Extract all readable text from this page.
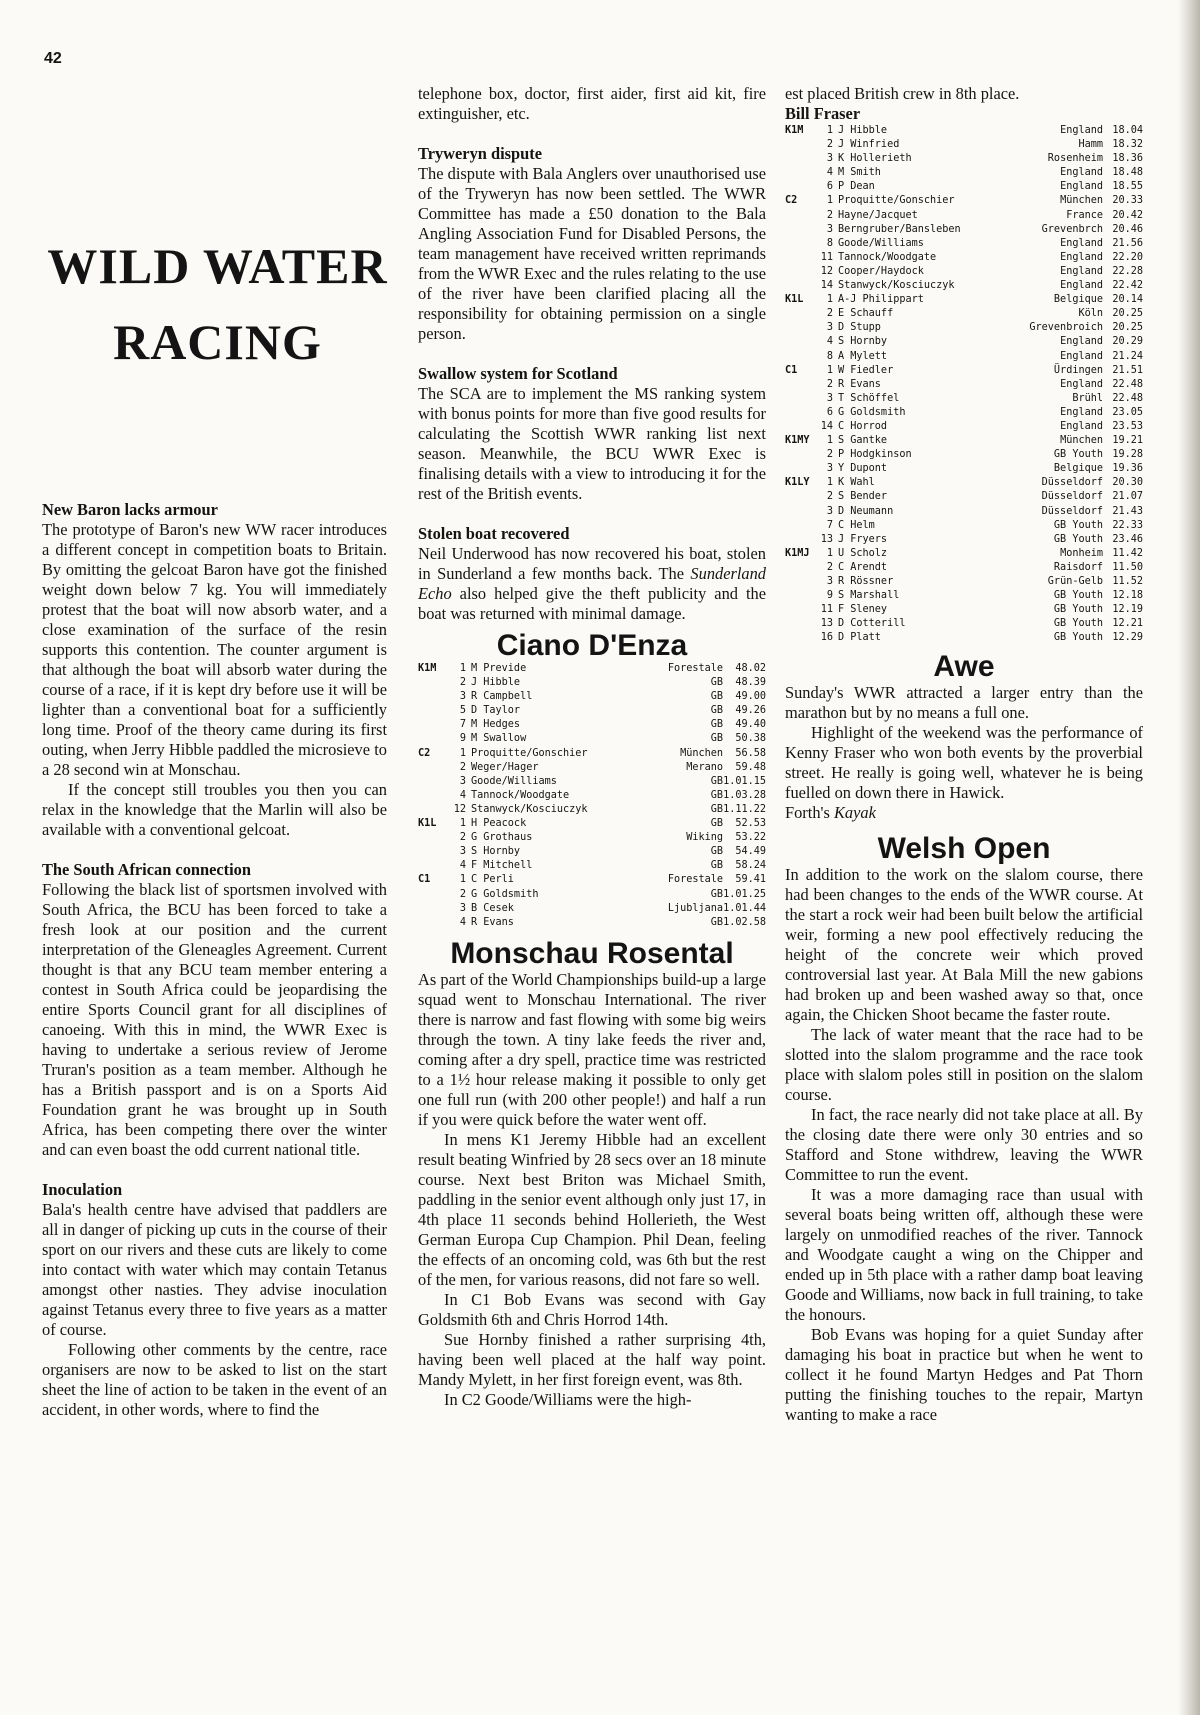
42
WILD WATER
RACING
New Baron lacks armour

The prototype of Baron's new WW racer introduces a different concept in competition boats to Britain. By omitting the gelcoat Baron have got the finished weight down below 7 kg. You will immediately protest that the boat will now absorb water, and a close examination of the surface of the resin supports this contention. The counter argument is that although the boat will absorb water during the course of a race, if it is kept dry before use it will be lighter than a conventional boat for a sufficiently long time. Proof of the theory came during its first outing, when Jerry Hibble paddled the microsieve to a 28 second win at Monschau.

If the concept still troubles you then you can relax in the knowledge that the Marlin will also be available with a conventional gelcoat.

The South African connection

Following the black list of sportsmen involved with South Africa, the BCU has been forced to take a fresh look at our position and the current interpretation of the Gleneagles Agreement. Current thought is that any BCU team member entering a contest in South Africa could be jeopardising the entire Sports Council grant for all disciplines of canoeing. With this in mind, the WWR Exec is having to undertake a serious review of Jerome Truran's position as a team member. Although he has a British passport and is on a Sports Aid Foundation grant he was brought up in South Africa, has been competing there over the winter and can even boast the odd current national title.

Inoculation

Bala's health centre have advised that paddlers are all in danger of picking up cuts in the course of their sport on our rivers and these cuts are likely to come into contact with water which may contain Tetanus amongst other nasties. They advise inoculation against Tetanus every three to five years as a matter of course.

Following other comments by the centre, race organisers are now to be asked to list on the start sheet the line of action to be taken in the event of an accident, in other words, where to find the

telephone box, doctor, first aider, first aid kit, fire extinguisher, etc.

Tryweryn dispute

The dispute with Bala Anglers over unauthorised use of the Tryweryn has now been settled. The WWR Committee has made a £50 donation to the Bala Angling Association Fund for Disabled Persons, the team management have received written reprimands from the WWR Exec and the rules relating to the use of the river have been clarified placing all the responsibility for obtaining permission on a single person.

Swallow system for Scotland

The SCA are to implement the MS ranking system with bonus points for more than five good results for calculating the Scottish WWR ranking list next season. Meanwhile, the BCU WWR Exec is finalising details with a view to introducing it for the rest of the British events.

Stolen boat recovered

Neil Underwood has now recovered his boat, stolen in Sunderland a few months back. The Sunderland Echo also helped give the theft publicity and the boat was returned with minimal damage.

Ciano D'Enza
K1M	1	M Previde	Forestale	48.02
	2	J Hibble	GB	48.39
	3	R Campbell	GB	49.00
	5	D Taylor	GB	49.26
	7	M Hedges	GB	49.40
	9	M Swallow	GB	50.38
C2	1	Proquitte/Gonschier	München	56.58
	2	Weger/Hager	Merano	59.48
	3	Goode/Williams	GB	1.01.15
	4	Tannock/Woodgate	GB	1.03.28
	12	Stanwyck/Kosciuczyk	GB	1.11.22
K1L	1	H Peacock	GB	52.53
	2	G Grothaus	Wiking	53.22
	3	S Hornby	GB	54.49
	4	F Mitchell	GB	58.24
C1	1	C Perli	Forestale	59.41
	2	G Goldsmith	GB	1.01.25
	3	B Cesek	Ljubljana	1.01.44
	4	R Evans	GB	1.02.58
Monschau Rosental

As part of the World Championships build-up a large squad went to Monschau International. The river there is narrow and fast flowing with some big weirs through the town. A tiny lake feeds the river and, coming after a dry spell, practice time was restricted to a 1½ hour release making it possible to only get one full run (with 200 other people!) and half a run if you were quick before the water went off.

In mens K1 Jeremy Hibble had an excellent result beating Winfried by 28 secs over an 18 minute course. Next best Briton was Michael Smith, paddling in the senior event although only just 17, in 4th place 11 seconds behind Hollerieth, the West German Europa Cup Champion. Phil Dean, feeling the effects of an oncoming cold, was 6th but the rest of the men, for various reasons, did not fare so well.

In C1 Bob Evans was second with Gay Goldsmith 6th and Chris Horrod 14th.

Sue Hornby finished a rather surprising 4th, having been well placed at the half way point. Mandy Mylett, in her first foreign event, was 8th.

In C2 Goode/Williams were the high-

est placed British crew in 8th place.

Bill Fraser
K1M	1	J Hibble	England	18.04
	2	J Winfried	Hamm	18.32
	3	K Hollerieth	Rosenheim	18.36
	4	M Smith	England	18.48
	6	P Dean	England	18.55
C2	1	Proquitte/Gonschier	München	20.33
	2	Hayne/Jacquet	France	20.42
	3	Berngruber/Bansleben	Grevenbrch	20.46
	8	Goode/Williams	England	21.56
	11	Tannock/Woodgate	England	22.20
	12	Cooper/Haydock	England	22.28
	14	Stanwyck/Kosciuczyk	England	22.42
K1L	1	A-J Philippart	Belgique	20.14
	2	E Schauff	Köln	20.25
	3	D Stupp	Grevenbroich	20.25
	4	S Hornby	England	20.29
	8	A Mylett	England	21.24
C1	1	W Fiedler	Ürdingen	21.51
	2	R Evans	England	22.48
	3	T Schöffel	Brühl	22.48
	6	G Goldsmith	England	23.05
	14	C Horrod	England	23.53
K1MY	1	S Gantke	München	19.21
	2	P Hodgkinson	GB Youth	19.28
	3	Y Dupont	Belgique	19.36
K1LY	1	K Wahl	Düsseldorf	20.30
	2	S Bender	Düsseldorf	21.07
	3	D Neumann	Düsseldorf	21.43
	7	C Helm	GB Youth	22.33
	13	J Fryers	GB Youth	23.46
K1MJ	1	U Scholz	Monheim	11.42
	2	C Arendt	Raisdorf	11.50
	3	R Rössner	Grün-Gelb	11.52
	9	S Marshall	GB Youth	12.18
	11	F Sleney	GB Youth	12.19
	13	D Cotterill	GB Youth	12.21
	16	D Platt	GB Youth	12.29
Awe

Sunday's WWR attracted a larger entry than the marathon but by no means a full one.

Highlight of the weekend was the performance of Kenny Fraser who won both events by the proverbial street. He really is going well, whatever he is being fuelled on down there in Hawick.

Forth's Kayak

Welsh Open

In addition to the work on the slalom course, there had been changes to the ends of the WWR course. At the start a rock weir had been built below the artificial weir, forming a new pool effectively reducing the height of the concrete weir which proved controversial last year. At Bala Mill the new gabions had broken up and been washed away so that, once again, the Chicken Shoot became the faster route.

The lack of water meant that the race had to be slotted into the slalom programme and the race took place with slalom poles still in position on the slalom course.

In fact, the race nearly did not take place at all. By the closing date there were only 30 entries and so Stafford and Stone withdrew, leaving the WWR Committee to run the event.

It was a more damaging race than usual with several boats being written off, although these were largely on unmodified reaches of the river. Tannock and Woodgate caught a wing on the Chipper and ended up in 5th place with a rather damp boat leaving Goode and Williams, now back in full training, to take the honours.

Bob Evans was hoping for a quiet Sunday after damaging his boat in practice but when he went to collect it he found Martyn Hedges and Pat Thorn putting the finishing touches to the repair, Martyn wanting to make a race
